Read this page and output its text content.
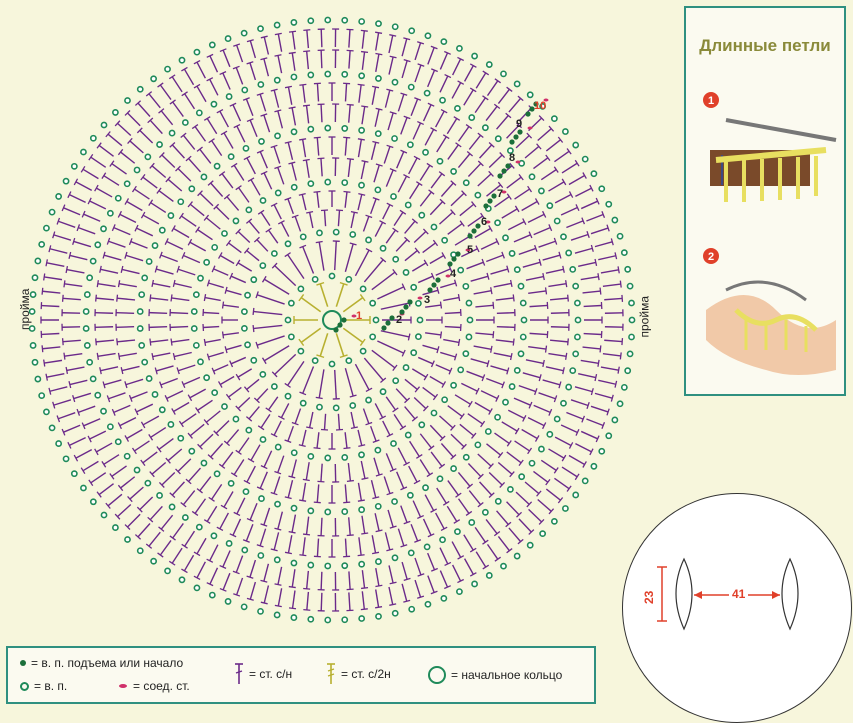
пройма	пройма
1	2
3
4
5
6
7
8
9
10
Длинные петли
1
2
23	41
= в. п. подъема или начало
= в. п.	= соед. ст.
= ст. с/н	= ст. с/2н	= начальное кольцо
